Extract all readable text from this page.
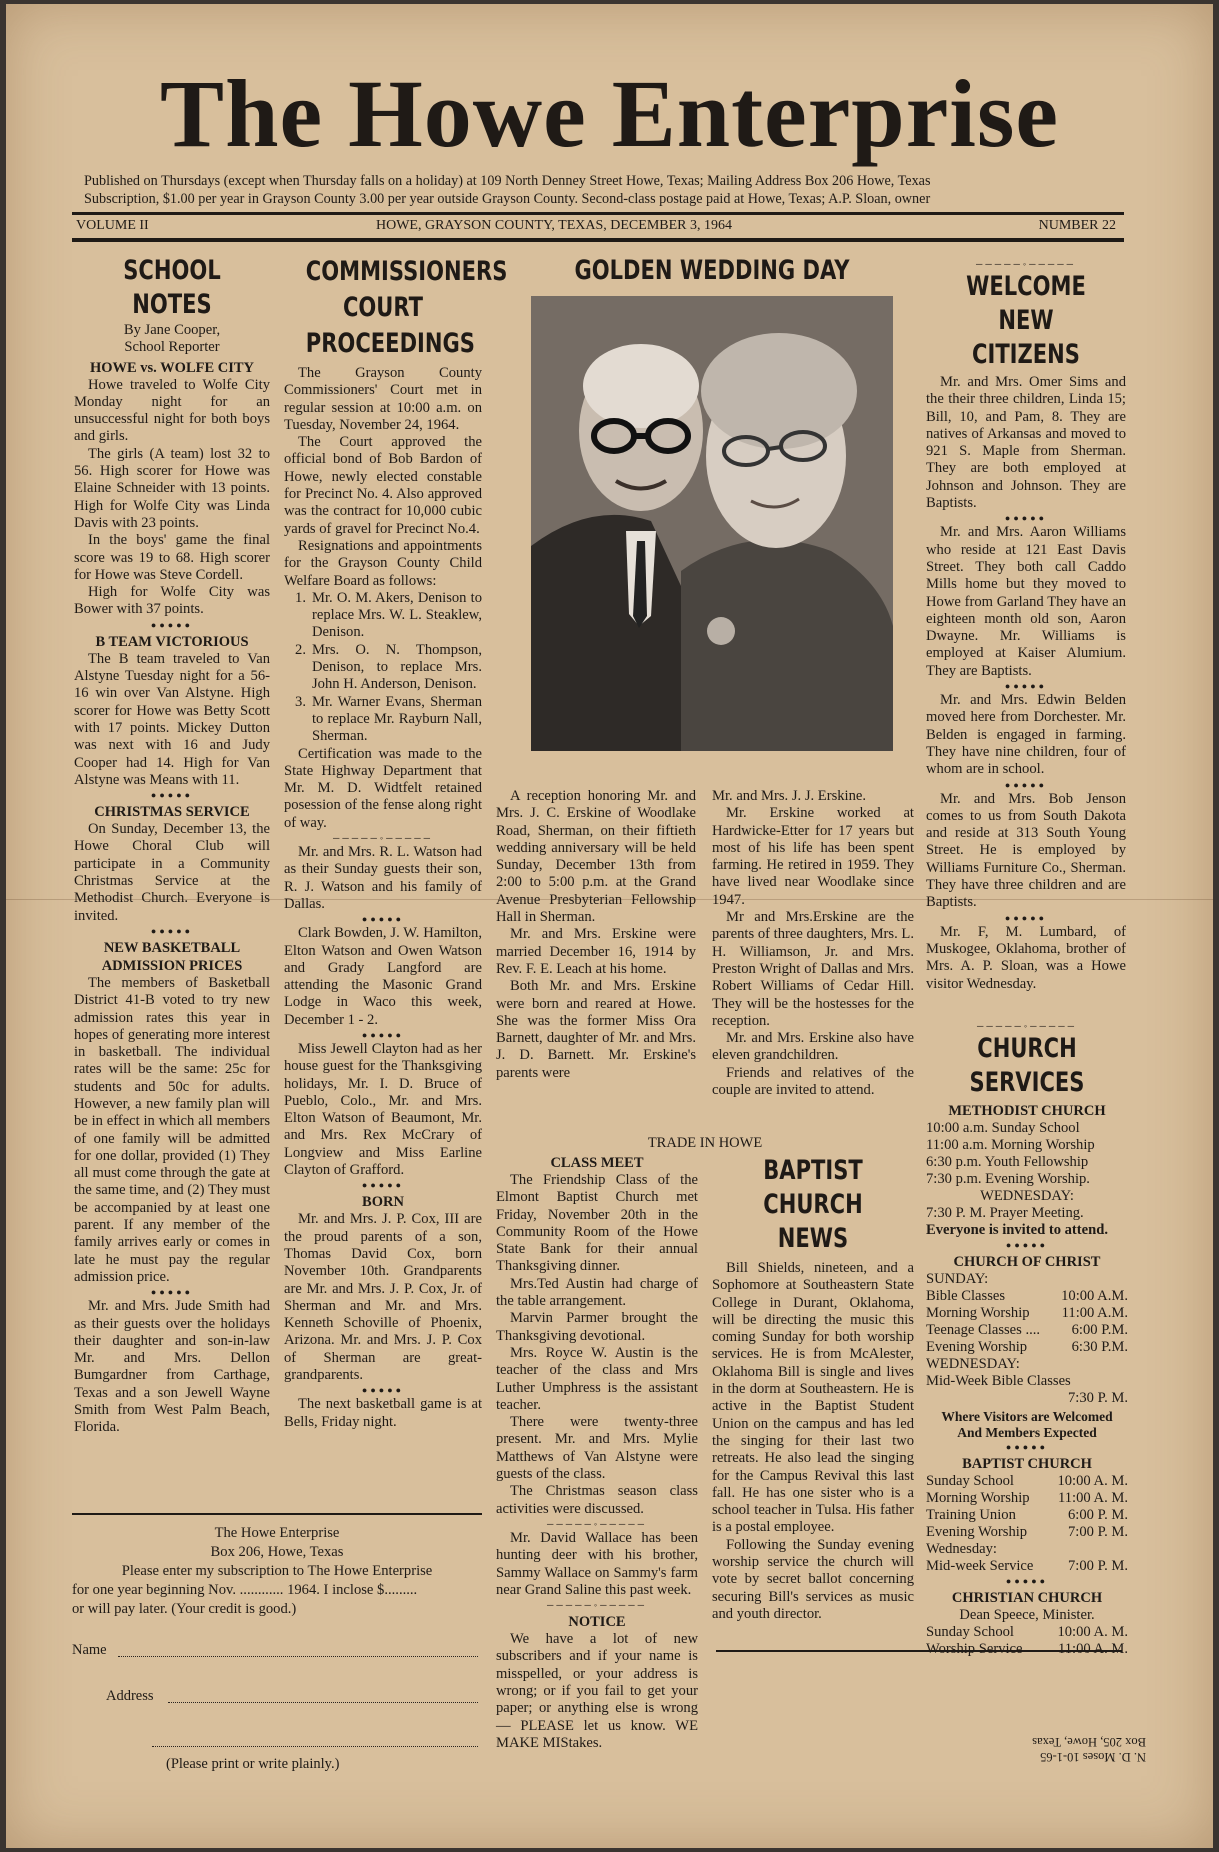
The Howe Enterprise
Published on Thursdays (except when Thursday falls on a holiday) at 109 North Denney Street Howe, Texas; Mailing Address Box 206 Howe, Texas
Subscription, $1.00 per year in Grayson County 3.00 per year outside Grayson County. Second-class postage paid at Howe, Texas; A.P. Sloan, owner
VOLUME II	HOWE, GRAYSON COUNTY, TEXAS, DECEMBER 3, 1964	NUMBER 22
SCHOOL NOTES
By Jane Cooper,
School Reporter
HOWE vs. WOLFE CITY

Howe traveled to Wolfe City Monday night for an unsuccessful night for both boys and girls.

The girls (A team) lost 32 to 56. High scorer for Howe was Elaine Schneider with 13 points. High for Wolfe City was Linda Davis with 23 points.

In the boys' game the final score was 19 to 68. High scorer for Howe was Steve Cordell.

High for Wolfe City was Bower with 37 points.

●●●●●
B TEAM VICTORIOUS

The B team traveled to Van Alstyne Tuesday night for a 56-16 win over Van Alstyne. High scorer for Howe was Betty Scott with 17 points. Mickey Dutton was next with 16 and Judy Cooper had 14. High for Van Alstyne was Means with 11.

●●●●●
CHRISTMAS SERVICE

On Sunday, December 13, the Howe Choral Club will participate in a Community Christmas Service at the Methodist Church. Everyone is invited.

●●●●●
NEW BASKETBALL
ADMISSION PRICES

The members of Basketball District 41-B voted to try new admission rates this year in hopes of generating more interest in basketball. The individual rates will be the same: 25c for students and 50c for adults. However, a new family plan will be in effect in which all members of one family will be admitted for one dollar, provided (1) They all must come through the gate at the same time, and (2) They must be accompanied by at least one parent. If any member of the family arrives early or comes in late he must pay the regular admission price.

●●●●●

Mr. and Mrs. Jude Smith had as their guests over the holidays their daughter and son-in-law Mr. and Mrs. Dellon Bumgardner from Carthage, Texas and a son Jewell Wayne Smith from West Palm Beach, Florida.

COMMISSIONERS
COURT
PROCEEDINGS

The Grayson County Commissioners' Court met in regular session at 10:00 a.m. on Tuesday, November 24, 1964.

The Court approved the official bond of Bob Bardon of Howe, newly elected constable for Precinct No. 4. Also approved was the contract for 10,000 cubic yards of gravel for Precinct No.4.

Resignations and appointments for the Grayson County Child Welfare Board as follows:

1. Mr. O. M. Akers, Denison to replace Mrs. W. L. Steaklew, Denison.
2. Mrs. O. N. Thompson, Denison, to replace Mrs. John H. Anderson, Denison.
3. Mr. Warner Evans, Sherman to replace Mr. Rayburn Nall, Sherman.

Certification was made to the State Highway Department that Mr. M. D. Widtfelt retained posession of the fense along right of way.

─────◦─────

Mr. and Mrs. R. L. Watson had as their Sunday guests their son, R. J. Watson and his family of Dallas.

●●●●●

Clark Bowden, J. W. Hamilton, Elton Watson and Owen Watson and Grady Langford are attending the Masonic Grand Lodge in Waco this week, December 1 - 2.

●●●●●

Miss Jewell Clayton had as her house guest for the Thanksgiving holidays, Mr. I. D. Bruce of Pueblo, Colo., Mr. and Mrs. Elton Watson of Beaumont, Mr. and Mrs. Rex McCrary of Longview and Miss Earline Clayton of Grafford.

●●●●●
BORN

Mr. and Mrs. J. P. Cox, III are the proud parents of a son, Thomas David Cox, born November 10th. Grandparents are Mr. and Mrs. J. P. Cox, Jr. of Sherman and Mr. and Mrs. Kenneth Schoville of Phoenix, Arizona. Mr. and Mrs. J. P. Cox of Sherman are great-grandparents.

●●●●●

The next basketball game is at Bells, Friday night.

GOLDEN WEDDING DAY

A reception honoring Mr. and Mrs. J. C. Erskine of Woodlake Road, Sherman, on their fiftieth wedding anniversary will be held Sunday, December 13th from 2:00 to 5:00 p.m. at the Grand Avenue Presbyterian Fellowship Hall in Sherman.

Mr. and Mrs. Erskine were married December 16, 1914 by Rev. F. E. Leach at his home.

Both Mr. and Mrs. Erskine were born and reared at Howe. She was the former Miss Ora Barnett, daughter of Mr. and Mrs. J. D. Barnett. Mr. Erskine's parents were

Mr. and Mrs. J. J. Erskine.

Mr. Erskine worked at Hardwicke-Etter for 17 years but most of his life has been spent farming. He retired in 1959. They have lived near Woodlake since 1947.

Mr and Mrs.Erskine are the parents of three daughters, Mrs. L. H. Williamson, Jr. and Mrs. Preston Wright of Dallas and Mrs. Robert Williams of Cedar Hill. They will be the hostesses for the reception.

Mr. and Mrs. Erskine also have eleven grandchildren.

Friends and relatives of the couple are invited to attend.

TRADE IN HOWE
CLASS MEET

The Friendship Class of the Elmont Baptist Church met Friday, November 20th in the Community Room of the Howe State Bank for their annual Thanksgiving dinner.

Mrs.Ted Austin had charge of the table arrangement.

Marvin Parmer brought the Thanksgiving devotional.

Mrs. Royce W. Austin is the teacher of the class and Mrs Luther Umphress is the assistant teacher.

There were twenty-three present. Mr. and Mrs. Mylie Matthews of Van Alstyne were guests of the class.

The Christmas season class activities were discussed.

─────◦─────

Mr. David Wallace has been hunting deer with his brother, Sammy Wallace on Sammy's farm near Grand Saline this past week.

─────◦─────
NOTICE

We have a lot of new subscribers and if your name is misspelled, or your address is wrong; or if you fail to get your paper; or anything else is wrong — PLEASE let us know. WE MAKE MIStakes.

BAPTIST
CHURCH NEWS

Bill Shields, nineteen, and a Sophomore at Southeastern State College in Durant, Oklahoma, will be directing the music this coming Sunday for both worship services. He is from McAlester, Oklahoma Bill is single and lives in the dorm at Southeastern. He is active in the Baptist Student Union on the campus and has led the singing for their last two retreats. He also lead the singing for the Campus Revival this last fall. He has one sister who is a school teacher in Tulsa. His father is a postal employee.

Following the Sunday evening worship service the church will vote by secret ballot concerning securing Bill's services as music and youth director.

─────◦─────
WELCOME NEW
CITIZENS

Mr. and Mrs. Omer Sims and the their three children, Linda 15; Bill, 10, and Pam, 8. They are natives of Arkansas and moved to 921 S. Maple from Sherman. They are both employed at Johnson and Johnson. They are Baptists.

●●●●●

Mr. and Mrs. Aaron Williams who reside at 121 East Davis Street. They both call Caddo Mills home but they moved to Howe from Garland They have an eighteen month old son, Aaron Dwayne. Mr. Williams is employed at Kaiser Alumium. They are Baptists.

●●●●●

Mr. and Mrs. Edwin Belden moved here from Dorchester. Mr. Belden is engaged in farming. They have nine children, four of whom are in school.

●●●●●

Mr. and Mrs. Bob Jenson comes to us from South Dakota and reside at 313 South Young Street. He is employed by Williams Furniture Co., Sherman. They have three children and are Baptists.

●●●●●

Mr. F, M. Lumbard, of Muskogee, Oklahoma, brother of Mrs. A. P. Sloan, was a Howe visitor Wednesday.

─────◦─────
CHURCH SERVICES
METHODIST CHURCH
10:00 a.m. Sunday School
11:00 a.m. Morning Worship
6:30 p.m. Youth Fellowship
7:30 p.m. Evening Worship.
WEDNESDAY:
7:30 P. M. Prayer Meeting.
Everyone is invited to attend.
●●●●●
CHURCH OF CHRIST
SUNDAY:
Bible Classes	10:00 A.M.
Morning Worship 11:00 A.M.
Teenage Classes .... 6:00 P.M.
Evening Worship	6:30 P.M.
WEDNESDAY:
Mid-Week Bible Classes
7:30 P. M.
Where Visitors are Welcomed
And Members Expected
●●●●●
BAPTIST CHURCH
Sunday School	10:00 A. M.
Morning Worship 11:00 A. M.
Training Union	6:00 P. M.
Evening Worship	7:00 P. M.
Wednesday:
Mid-week Service 7:00 P. M.
●●●●●
CHRISTIAN CHURCH
Dean Speece, Minister.
Sunday School	10:00 A. M.
Worship Service 11:00 A. M.
The Howe Enterprise
Box 206, Howe, Texas
Please enter my subscription to The Howe Enterprise
for one year beginning Nov. ............ 1964. I inclose $.........
or will pay later. (Your credit is good.)
Name
Address
(Please print or write plainly.)	N. D. Moses 10-1-65
Box 205, Howe, Texas
